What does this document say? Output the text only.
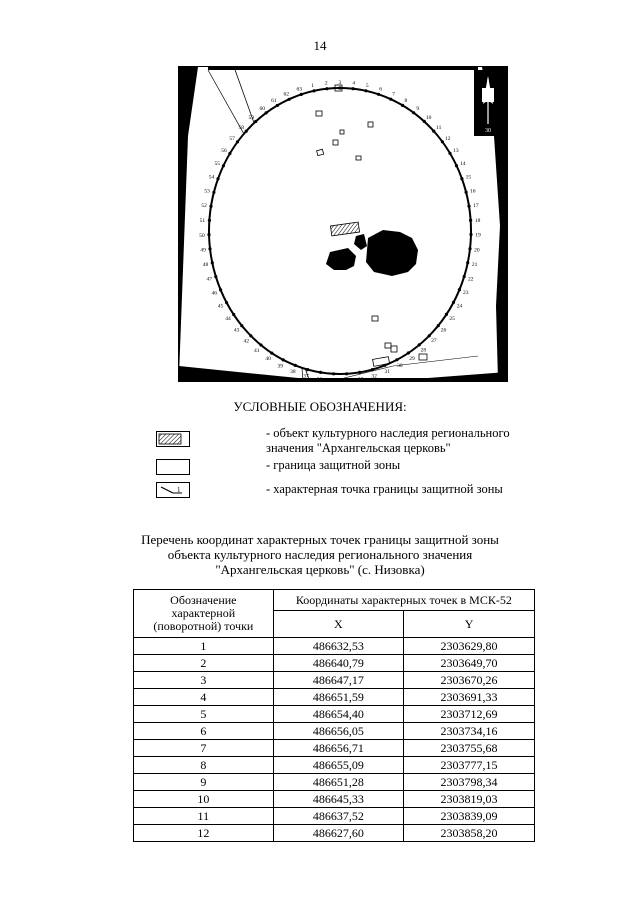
14
1 2 3 4 5
6
7
8
9
10
11
12
13
14
15
16
17
18
19
20
21
22
23
24
25
26
27
28
29
30
31
32
33
34
35
36
37
38
39
40
41
42
43
44
45
46
47
48
49
50
51
52
53
54
55
56
57
58
59
60
61
62
63
30
УСЛОВНЫЕ ОБОЗНАЧЕНИЯ:
- объект культурного наследия регионального значения "Архангельская церковь"
- граница защитной зоны
1	- характерная точка границы защитной зоны
Перечень координат характерных точек границы защитной зоны
объекта культурного наследия регионального значения
"Архангельская церковь" (с. Низовка)
Обозначение характерной (поворотной) точки	Координаты характерных точек в МСК-52	
	X	Y
1	486632,53	2303629,80
2	486640,79	2303649,70
3	486647,17	2303670,26
4	486651,59	2303691,33
5	486654,40	2303712,69
6	486656,05	2303734,16
7	486656,71	2303755,68
8	486655,09	2303777,15
9	486651,28	2303798,34
10	486645,33	2303819,03
11	486637,52	2303839,09
12	486627,60	2303858,20
